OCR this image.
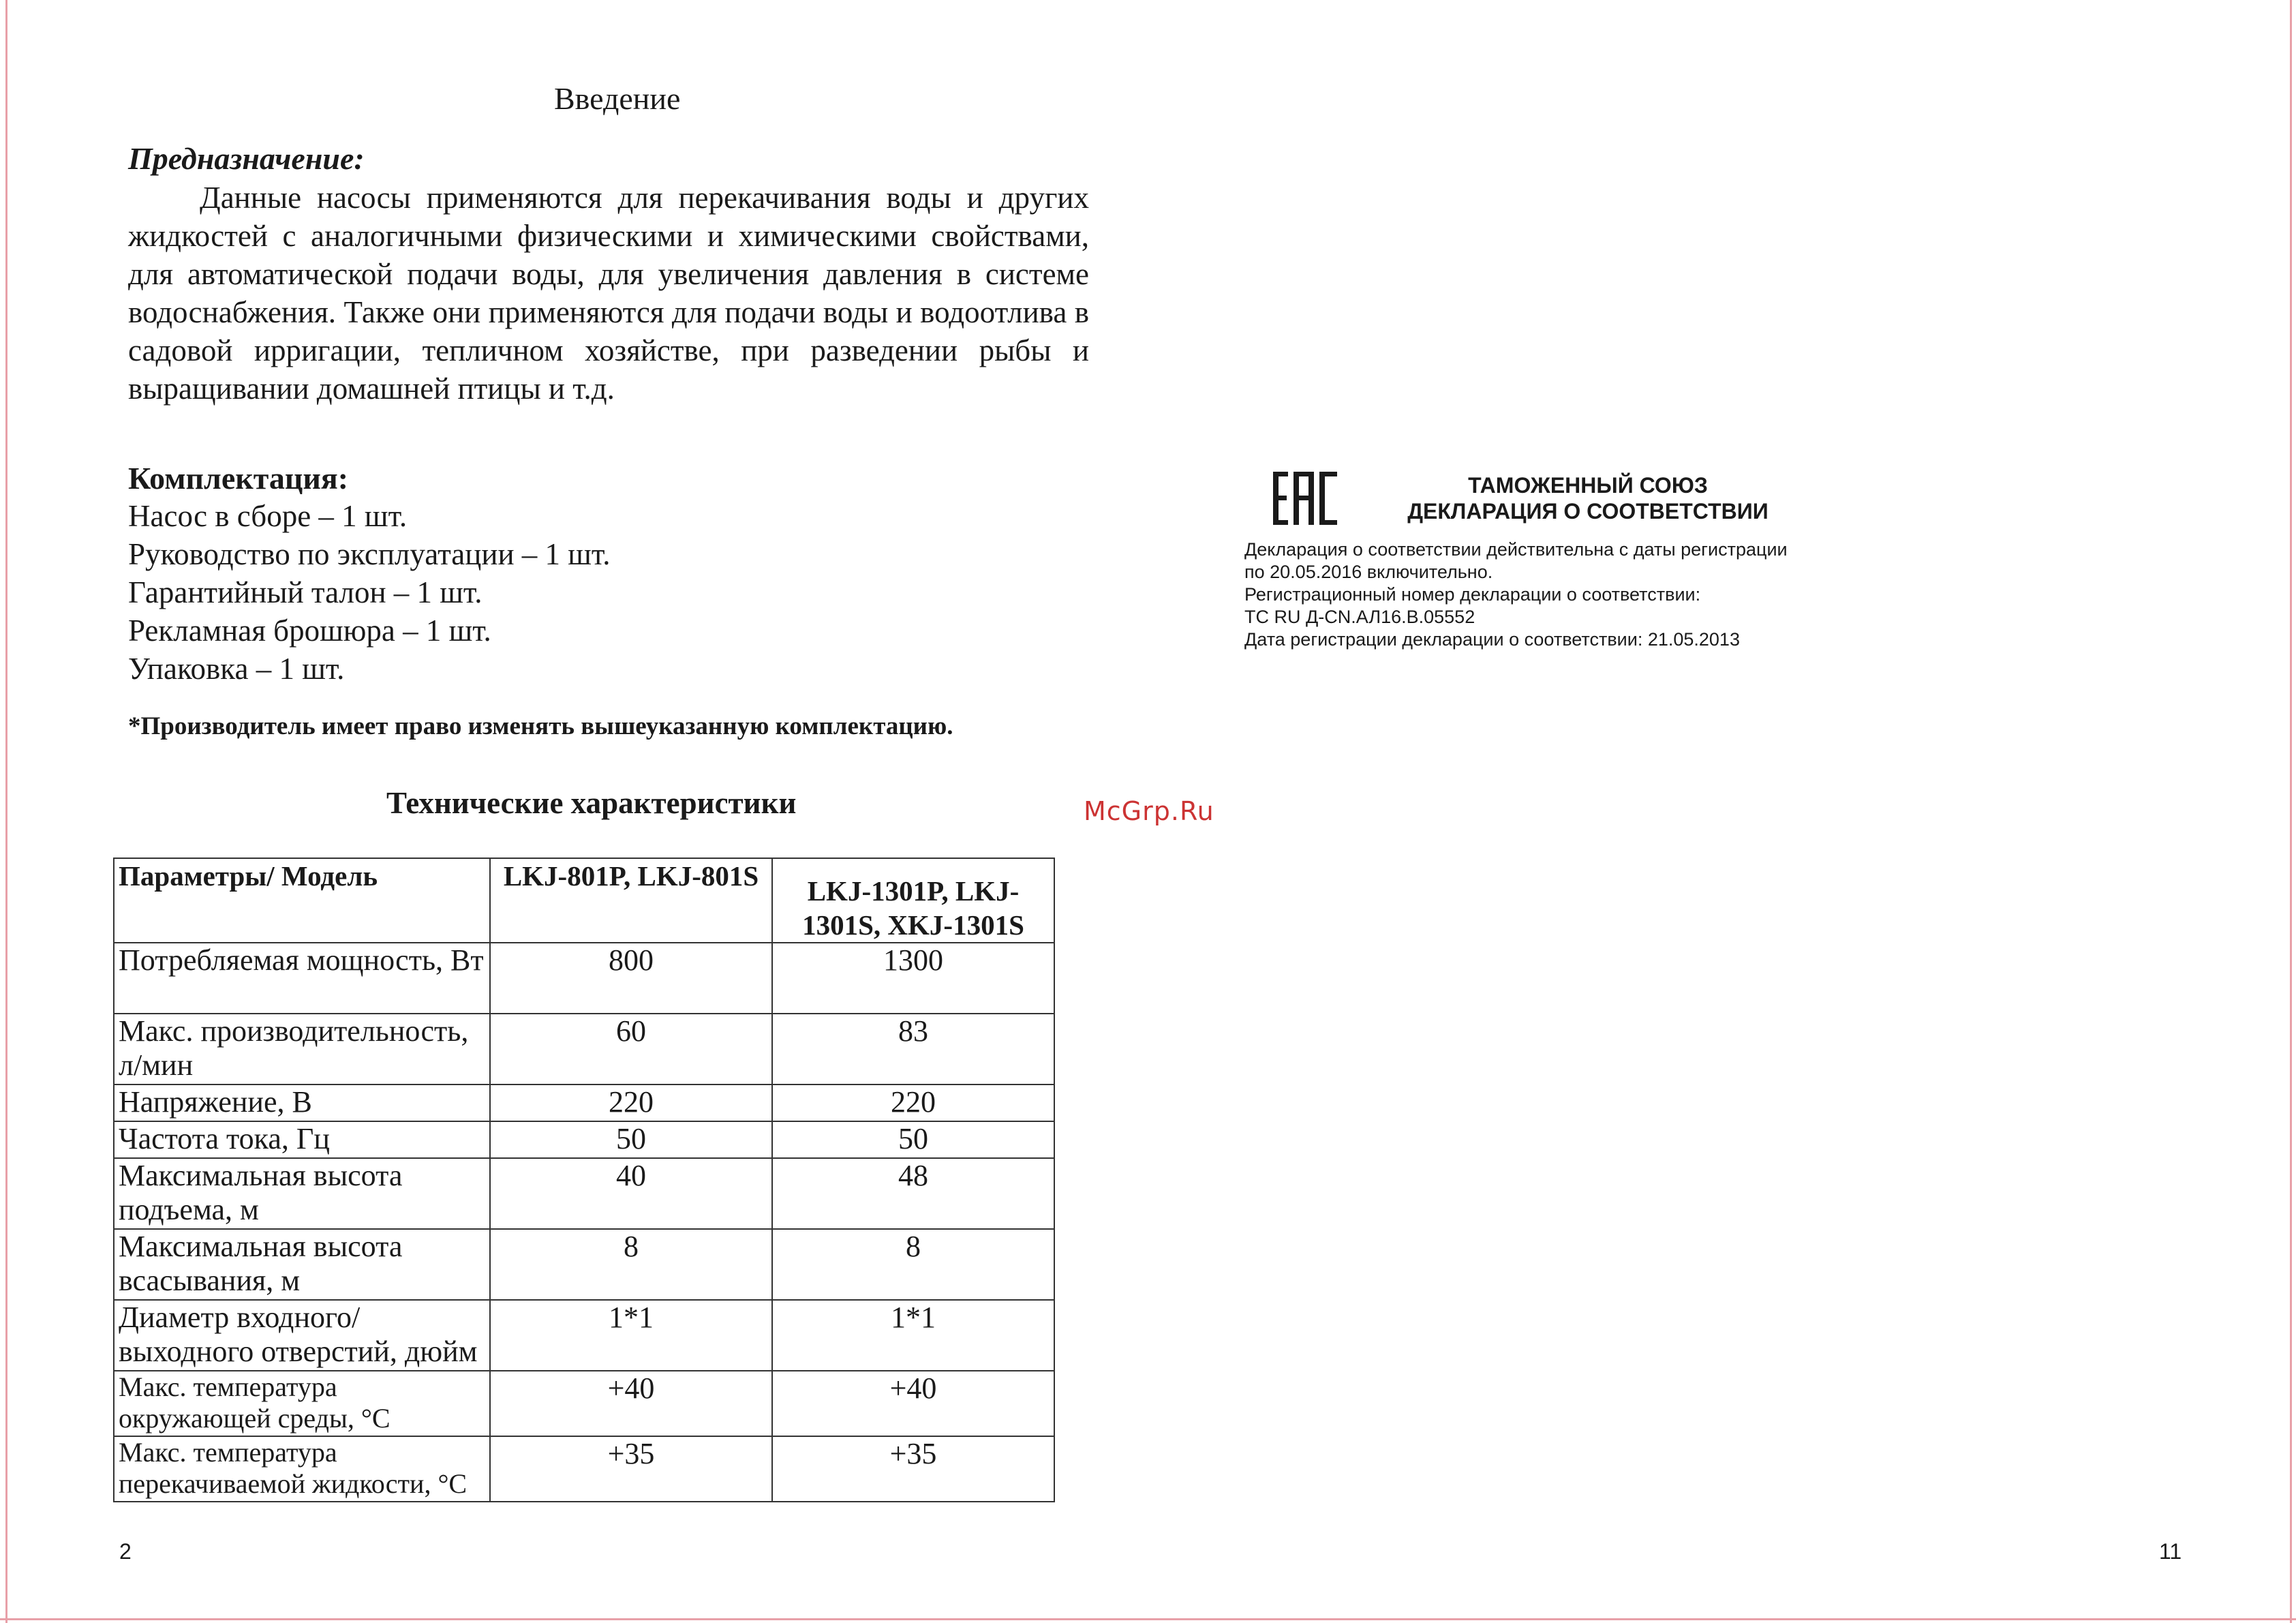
Введение
Предназначение:
Данные насосы применяются для перекачивания воды и других жидкостей с аналогичными физическими и химическими свойствами, для автоматической подачи воды, для увеличения давления в системе водоснабжения. Также они применяются для подачи воды и водоотлива в садовой ирригации, тепличном хозяйстве, при разведении рыбы и выращивании домашней птицы и т.д.
Комплектация:
Насос в сборе – 1 шт.
Руководство по эксплуатации – 1 шт.
Гарантийный талон – 1 шт.
Рекламная брошюра – 1 шт.
Упаковка – 1 шт.
*Производитель имеет право изменять вышеуказанную комплектацию.
Технические характеристики	McGrp.Ru
Параметры/ Модель	LKJ-801P, LKJ-801S	LKJ-1301P, LKJ-1301S, XKJ-1301S
Потребляемая мощность, Вт	800	1300
Макс. производительность, л/мин	60	83
Напряжение, В	220	220
Частота тока, Гц	50	50
Максимальная высота подъема, м	40	48
Максимальная высота всасывания, м	8	8
Диаметр входного/ выходного отверстий, дюйм	1*1	1*1
Макс. температура окружающей среды, °С	+40	+40
Макс. температура перекачиваемой жидкости, °С	+35	+35
2
ТАМОЖЕННЫЙ СОЮЗ
ДЕКЛАРАЦИЯ О СООТВЕТСТВИИ
Декларация о соответствии действительна с даты регистрации
по 20.05.2016 включительно.
Регистрационный номер декларации о соответствии:
ТС RU Д-CN.АЛ16.В.05552
Дата регистрации декларации о соответствии: 21.05.2013
11
